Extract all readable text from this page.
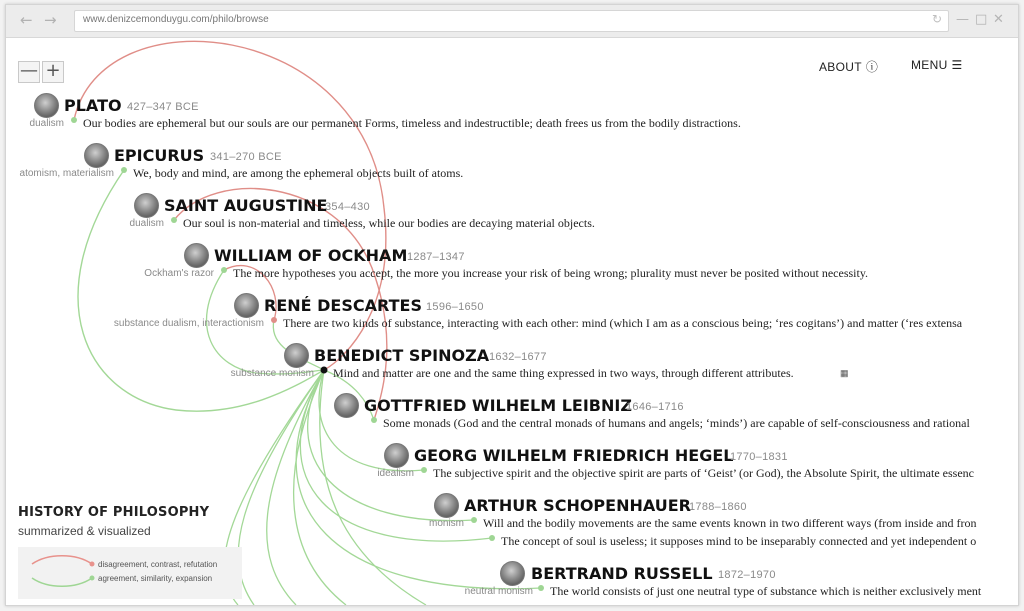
← →	www.denizcemonduygu.com/philo/browse	↻ — □ ✕
— +	ABOUT ⓘ	MENU ☰
PLATO 427–347 BCE
dualism Our bodies are ephemeral but our souls are our permanent Forms, timeless and indestructible; death frees us from the bodily distractions.
EPICURUS 341–270 BCE
atomism, materialism We, body and mind, are among the ephemeral objects built of atoms.
SAINT AUGUSTINE
354–430
dualism Our soul is non-material and timeless, while our bodies are decaying material objects.
WILLIAM OF OCKHAM 1287–1347
Ockham's razor The more hypotheses you accept, the more you increase your risk of being wrong; plurality must never be posited without necessity.
RENÉ DESCARTES 1596–1650
substance dualism, interactionism There are two kinds of substance, interacting with each other: mind (which I am as a conscious being; ‘res cogitans’) and matter (‘res extensa
BENEDICT SPINOZA 1632–1677
substance monism Mind and matter are one and the same thing expressed in two ways, through different attributes.	▦
GOTTFRIED WILHELM LEIBNIZ
1646–1716
Some monads (God and the central monads of humans and angels; ‘minds’) are capable of self-consciousness and rational
GEORG WILHELM FRIEDRICH HEGEL
1770–1831
idealism The subjective spirit and the objective spirit are parts of ‘Geist’ (or God), the Absolute Spirit, the ultimate essenc
ARTHUR SCHOPENHAUER
1788–1860
monism Will and the bodily movements are the same events known in two different ways (from inside and fron
The concept of soul is useless; it supposes mind to be inseparably connected and yet independent o
BERTRAND RUSSELL 1872–1970
neutral monism The world consists of just one neutral type of substance which is neither exclusively ment
HISTORY OF PHILOSOPHY
summarized & visualized
disagreement, contrast, refutation
agreement, similarity, expansion
